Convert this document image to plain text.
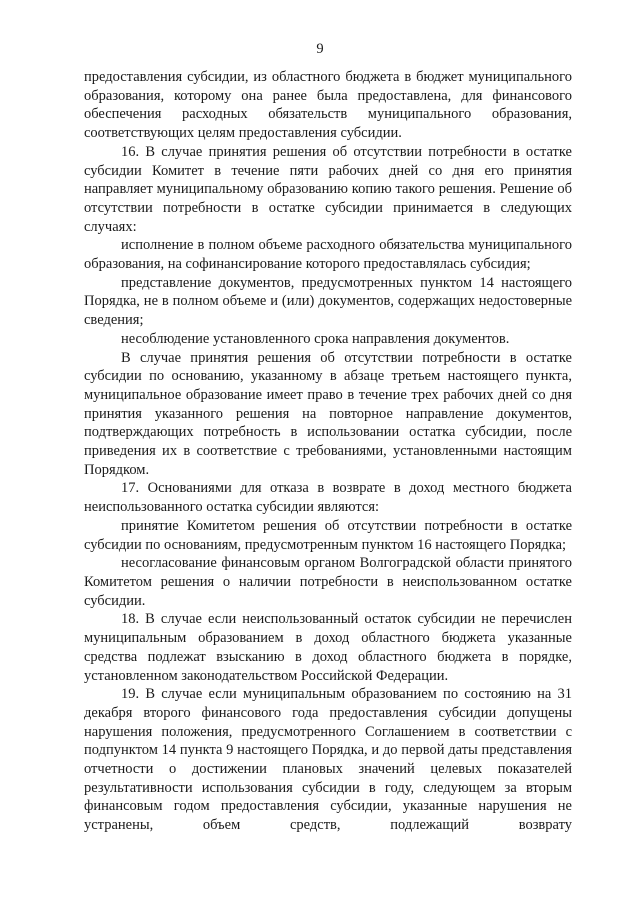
9

предоставления субсидии, из областного бюджета в бюджет муниципального образования, которому она ранее была предоставлена, для финансового обеспечения расходных обязательств муниципального образования, соответствующих целям предоставления субсидии.

16. В случае принятия решения об отсутствии потребности в остатке субсидии Комитет в течение пяти рабочих дней со дня его принятия направляет муниципальному образованию копию такого решения. Решение об отсутствии потребности в остатке субсидии принимается в следующих случаях:

исполнение в полном объеме расходного обязательства муниципального образования, на софинансирование которого предоставлялась субсидия;

представление документов, предусмотренных пунктом 14 настоящего Порядка, не в полном объеме и (или) документов, содержащих недостоверные сведения;

несоблюдение установленного срока направления документов.

В случае принятия решения об отсутствии потребности в остатке субсидии по основанию, указанному в абзаце третьем настоящего пункта, муниципальное образование имеет право в течение трех рабочих дней со дня принятия указанного решения на повторное направление документов, подтверждающих потребность в использовании остатка субсидии, после приведения их в соответствие с требованиями, установленными настоящим Порядком.

17. Основаниями для отказа в возврате в доход местного бюджета неиспользованного остатка субсидии являются:

принятие Комитетом решения об отсутствии потребности в остатке субсидии по основаниям, предусмотренным пунктом 16 настоящего Порядка;

несогласование финансовым органом Волгоградской области принятого Комитетом решения о наличии потребности в неиспользованном остатке субсидии.

18. В случае если неиспользованный остаток субсидии не перечислен муниципальным образованием в доход областного бюджета указанные средства подлежат взысканию в доход областного бюджета в порядке, установленном законодательством Российской Федерации.

19. В случае если муниципальным образованием по состоянию на 31 декабря второго финансового года предоставления субсидии допущены нарушения положения, предусмотренного Соглашением в соответствии с подпунктом 14 пункта 9 настоящего Порядка, и до первой даты представления отчетности о достижении плановых значений целевых показателей результативности использования субсидии в году, следующем за вторым финансовым годом предоставления субсидии, указанные нарушения не устранены, объем средств, подлежащий возврату
